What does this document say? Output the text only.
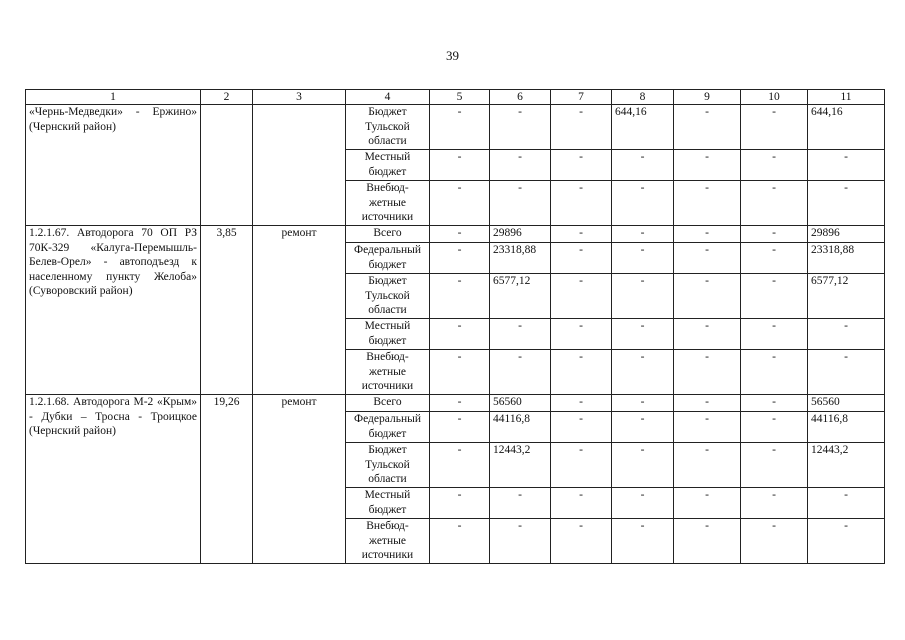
39
1	2	3	4	5	6	7	8	9	10	11
«Чернь-Медведки» - Ержино» (Чернский район)			Бюджет Тульской области	-	-	-	644,16	-	-	644,16
			Местный бюджет	-	-	-	-	-	-	-
			Внебюд-жетные источники	-	-	-	-	-	-	-
1.2.1.67. Автодорога 70 ОП РЗ 70К-329 «Калуга-Перемышль-Белев-Орел» - автоподъезд к населенному пункту Желоба» (Суворовский район)	3,85	ремонт	Всего	-	29896	-	-	-	-	29896
			Федеральный бюджет	-	23318,88	-	-	-	-	23318,88
			Бюджет Тульской области	-	6577,12	-	-	-	-	6577,12
			Местный бюджет	-	-	-	-	-	-	-
			Внебюд-жетные источники	-	-	-	-	-	-	-
1.2.1.68. Автодорога М-2 «Крым» - Дубки – Тросна - Троицкое (Чернский район)	19,26	ремонт	Всего	-	56560	-	-	-	-	56560
			Федеральный бюджет	-	44116,8	-	-	-	-	44116,8
			Бюджет Тульской области	-	12443,2	-	-	-	-	12443,2
			Местный бюджет	-	-	-	-	-	-	-
			Внебюд-жетные источники	-	-	-	-	-	-	-
